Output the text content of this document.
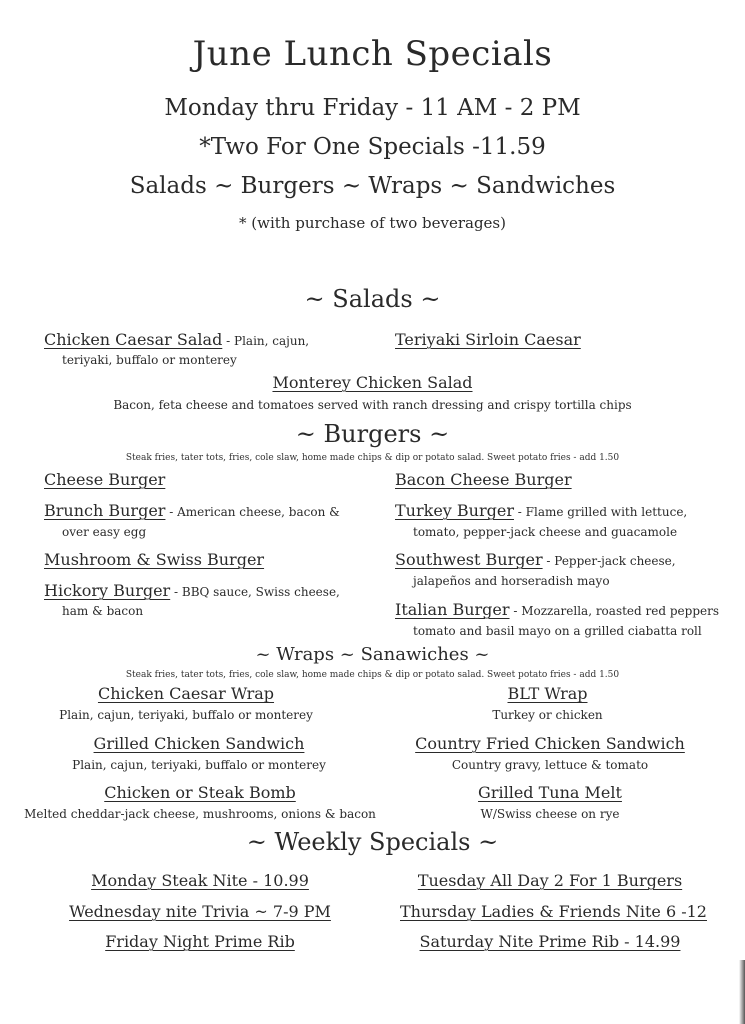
June Lunch Specials
Monday thru Friday - 11 AM - 2 PM
*Two For One Specials -11.59
Salads ~ Burgers ~ Wraps ~ Sandwiches
* (with purchase of two beverages)
~ Salads ~
Chicken Caesar Salad - Plain, cajun,
teriyaki, buffalo or monterey
Teriyaki Sirloin Caesar
Monterey Chicken Salad
Bacon, feta cheese and tomatoes served with ranch dressing and crispy tortilla chips
~ Burgers ~
Steak fries, tater tots, fries, cole slaw, home made chips & dip or potato salad. Sweet potato fries - add 1.50
Cheese Burger	Bacon Cheese Burger
Brunch Burger - American cheese, bacon &
over easy egg
Turkey Burger - Flame grilled with lettuce,
tomato, pepper-jack cheese and guacamole
Mushroom & Swiss Burger	Southwest Burger - Pepper-jack cheese,
jalapeños and horseradish mayo
Hickory Burger - BBQ sauce, Swiss cheese,
ham & bacon	Italian Burger - Mozzarella, roasted red peppers
tomato and basil mayo on a grilled ciabatta roll
~ Wraps ~ Sanawiches ~
Steak fries, tater tots, fries, cole slaw, home made chips & dip or potato salad. Sweet potato fries - add 1.50
Chicken Caesar Wrap
Plain, cajun, teriyaki, buffalo or monterey
BLT Wrap
Turkey or chicken
Grilled Chicken Sandwich
Plain, cajun, teriyaki, buffalo or monterey
Country Fried Chicken Sandwich
Country gravy, lettuce & tomato
Chicken or Steak Bomb
Melted cheddar-jack cheese, mushrooms, onions & bacon
Grilled Tuna Melt
W/Swiss cheese on rye
~ Weekly Specials ~
Monday Steak Nite - 10.99	Tuesday All Day 2 For 1 Burgers
Wednesday nite Trivia ~ 7-9 PM	Thursday Ladies & Friends Nite 6 -12
Friday Night Prime Rib	Saturday Nite Prime Rib - 14.99
